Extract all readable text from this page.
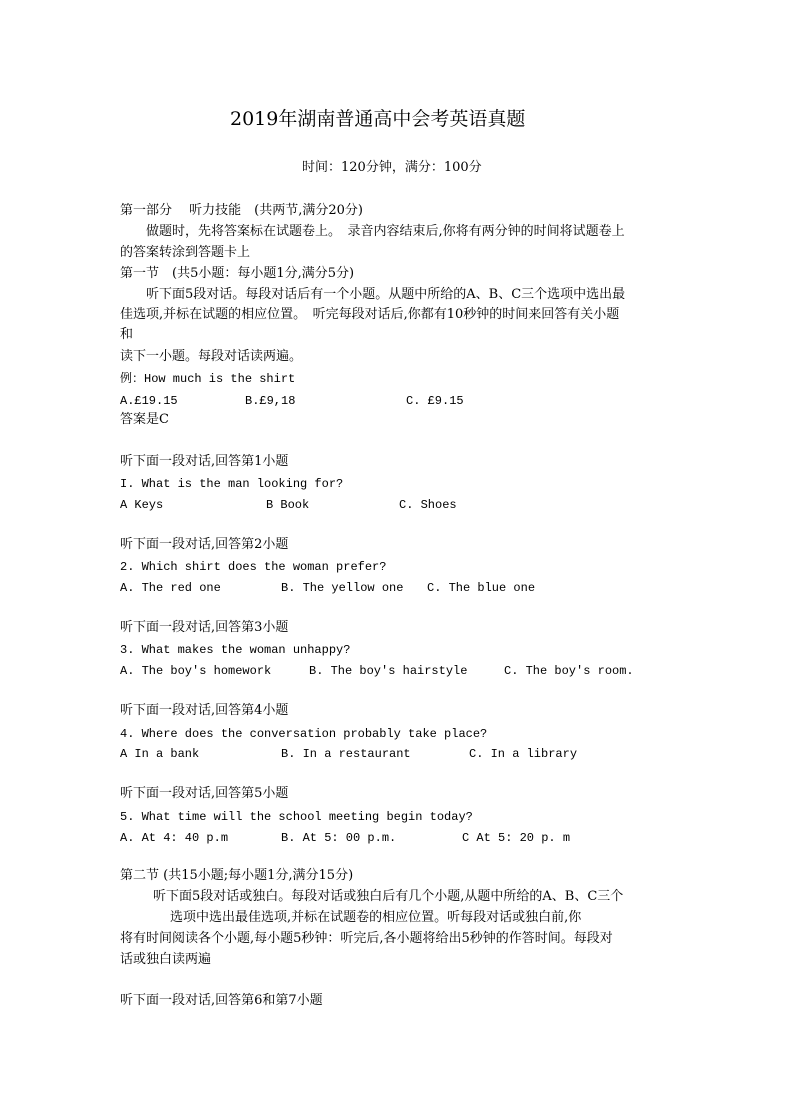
2019年湖南普通高中会考英语真题
时间：120分钟，满分：100分
第一部分　 听力技能　(共两节,满分20分)
做题时，先将答案标在试题卷上。　录音内容结束后,你将有两分钟的时间将试题卷上
的答案转涂到答题卡上
第一节　(共5小题：每小题1分,满分5分)
听下面5段对话。每段对话后有一个小题。从题中所给的A、B、C三个选项中选出最
佳选项,并标在试题的相应位置。　听完每段对话后,你都有10秒钟的时间来回答有关小题
和
读下一小题。每段对话读两遍。
例：How much is the shirt
A.£19.15	B.£9,18	C. £9.15
答案是C
听下面一段对话,回答第1小题
I. What is the man looking for?
A Keys	B Book	C. Shoes
听下面一段对话,回答第2小题
2. Which shirt does the woman prefer?
A. The red one	B. The yellow one C. The blue one
听下面一段对话,回答第3小题
3. What makes the woman unhappy?
A. The boy's homework	B. The boy's hairstyle	C. The boy's room.
听下面一段对话,回答第4小题
4. Where does the conversation probably take place?
A In a bank	B. In a restaurant	C. In a library
听下面一段对话,回答第5小题
5. What time will the school meeting begin today?
A. At 4: 40 p.m	B. At 5: 00 p.m.	C At 5: 20 p. m
第二节 (共15小题;每小题1分,满分15分)
听下面5段对话或独白。每段对话或独白后有几个小题,从题中所给的A、B、C三个
选项中选出最佳选项,并标在试题卷的相应位置。听每段对话或独白前,你
将有时间阅读各个小题,每小题5秒钟：听完后,各小题将给出5秒钟的作答时间。每段对
话或独白读两遍
听下面一段对话,回答第6和第7小题
